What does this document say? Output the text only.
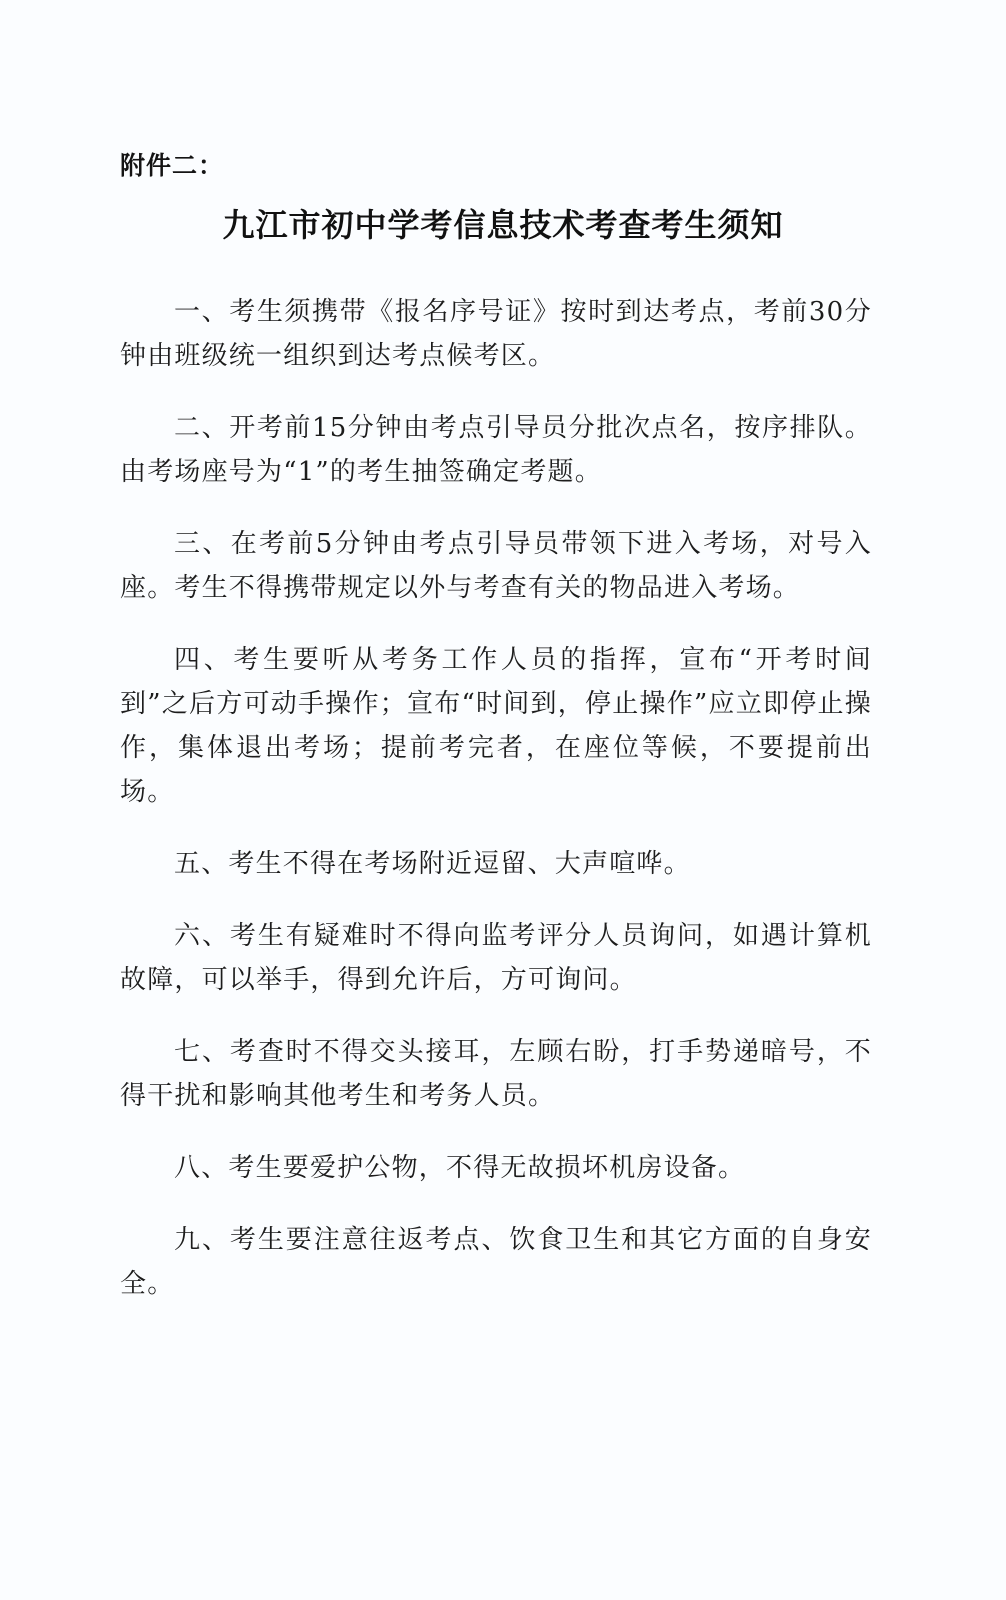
附件二：
九江市初中学考信息技术考查考生须知

一、考生须携带《报名序号证》按时到达考点，考前30分钟由班级统一组织到达考点候考区。

二、开考前15分钟由考点引导员分批次点名，按序排队。由考场座号为“1”的考生抽签确定考题。

三、在考前5分钟由考点引导员带领下进入考场，对号入座。考生不得携带规定以外与考查有关的物品进入考场。

四、考生要听从考务工作人员的指挥，宣布“开考时间到”之后方可动手操作；宣布“时间到，停止操作”应立即停止操作，集体退出考场；提前考完者，在座位等候，不要提前出场。

五、考生不得在考场附近逗留、大声喧哗。

六、考生有疑难时不得向监考评分人员询问，如遇计算机故障，可以举手，得到允许后，方可询问。

七、考查时不得交头接耳，左顾右盼，打手势递暗号，不得干扰和影响其他考生和考务人员。

八、考生要爱护公物，不得无故损坏机房设备。

九、考生要注意往返考点、饮食卫生和其它方面的自身安全。
